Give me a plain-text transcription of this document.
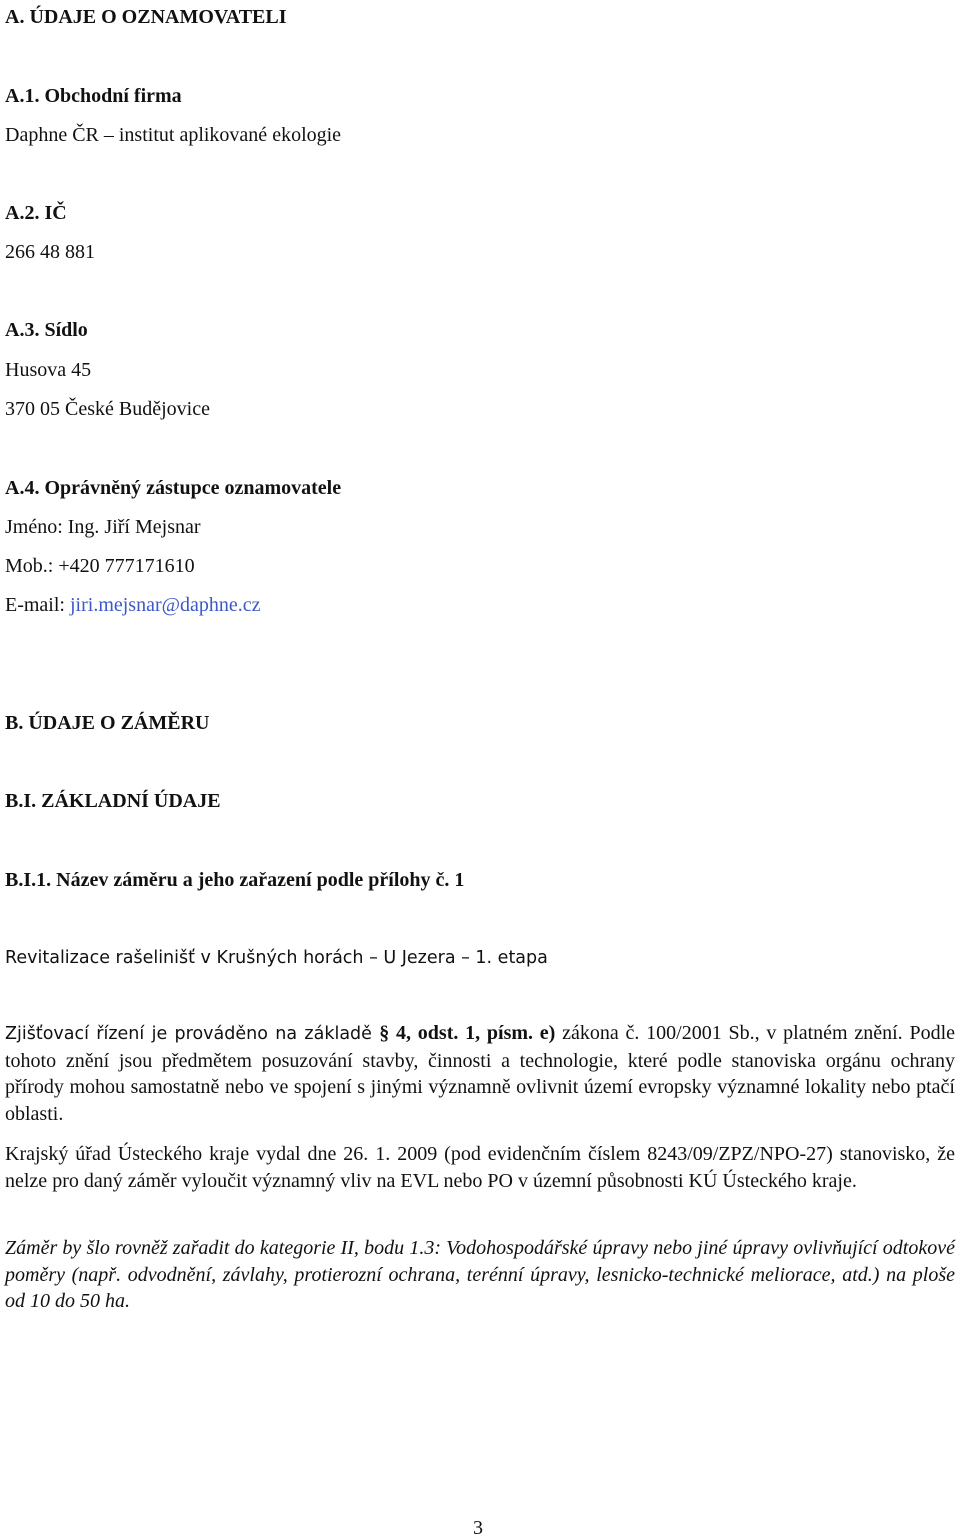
A. ÚDAJE O OZNAMOVATELI
A.1. Obchodní firma
Daphne ČR – institut aplikované ekologie
A.2. IČ
266 48 881
A.3. Sídlo
Husova 45
370 05 České Budějovice
A.4. Oprávněný zástupce oznamovatele
Jméno: Ing. Jiří Mejsnar
Mob.: +420 777171610
E-mail: jiri.mejsnar@daphne.cz
B. ÚDAJE O ZÁMĚRU
B.I. ZÁKLADNÍ ÚDAJE
B.I.1. Název záměru a jeho zařazení podle přílohy č. 1
Revitalizace rašelinišť v Krušných horách – U Jezera – 1. etapa
Zjišťovací řízení je prováděno na základě § 4, odst. 1, písm. e) zákona č. 100/2001 Sb., v platném znění. Podle tohoto znění jsou předmětem posuzování stavby, činnosti a technologie, které podle stanoviska orgánu ochrany přírody mohou samostatně nebo ve spojení s jinými významně ovlivnit území evropsky významné lokality nebo ptačí oblasti.
Krajský úřad Ústeckého kraje vydal dne 26. 1. 2009 (pod evidenčním číslem 8243/09/ZPZ/NPO-27) stanovisko, že nelze pro daný záměr vyloučit významný vliv na EVL nebo PO v územní působnosti KÚ Ústeckého kraje.
Záměr by šlo rovněž zařadit do kategorie II, bodu 1.3: Vodohospodářské úpravy nebo jiné úpravy ovlivňující odtokové poměry (např. odvodnění, závlahy, protierozní ochrana, terénní úpravy, lesnicko-technické meliorace, atd.) na ploše od 10 do 50 ha.
3
